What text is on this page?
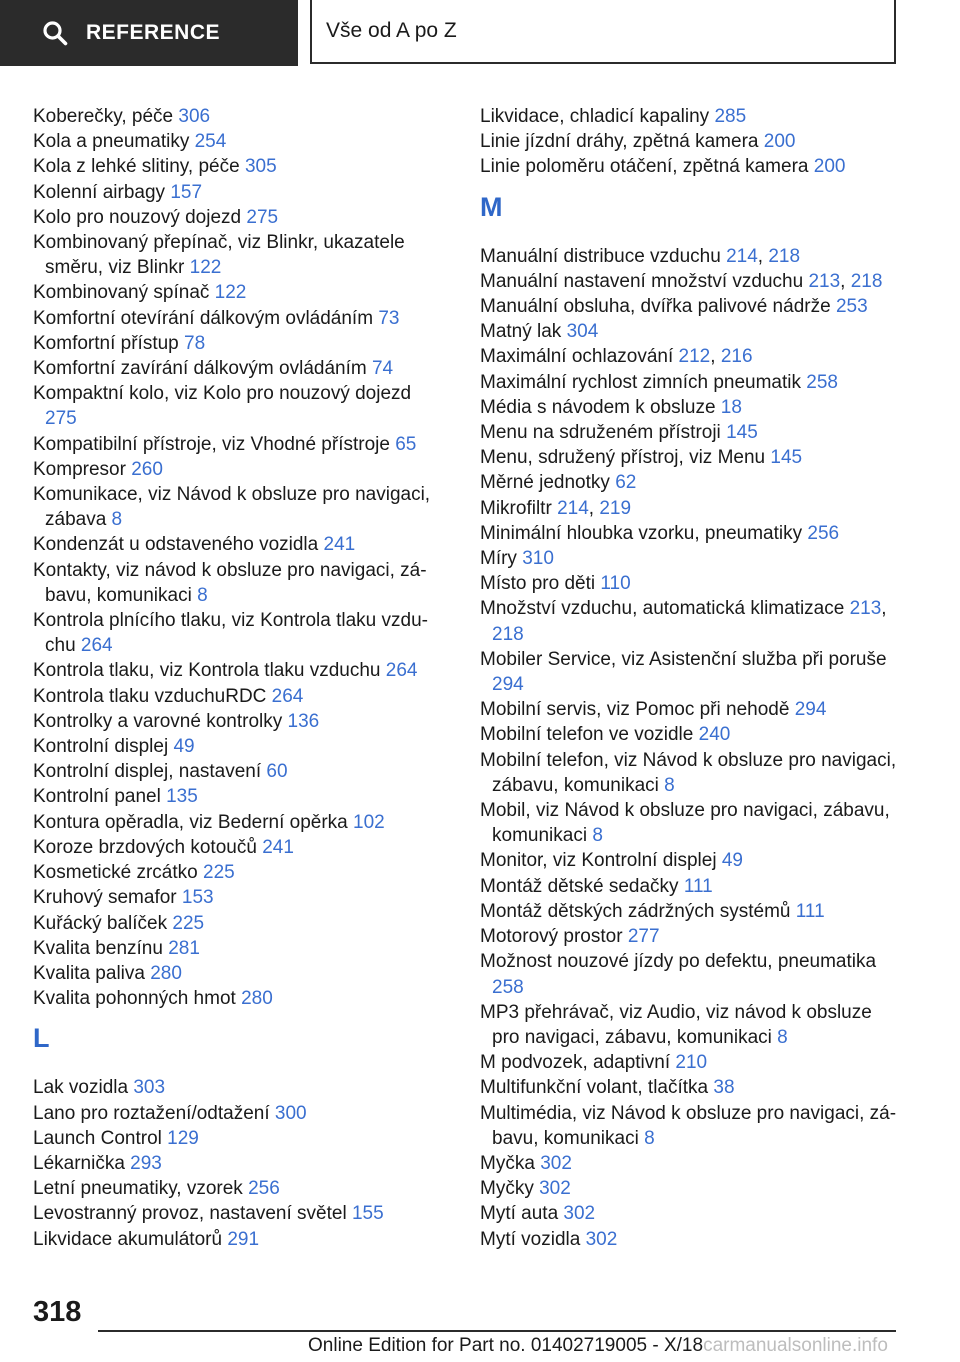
REFERENCE	Vše od A po Z
Koberečky, péče 306
Kola a pneumatiky 254
Kola z lehké slitiny, péče 305
Kolenní airbagy 157
Kolo pro nouzový dojezd 275
Kombinovaný přepínač, viz Blinkr, ukazatele směru, viz Blinkr 122
Kombinovaný spínač 122
Komfortní otevírání dálkovým ovládáním 73
Komfortní přístup 78
Komfortní zavírání dálkovým ovládáním 74
Kompaktní kolo, viz Kolo pro nouzový dojezd 275
Kompatibilní přístroje, viz Vhodné přístroje 65
Kompresor 260
Komunikace, viz Návod k obsluze pro navigaci, zábava 8
Kondenzát u odstaveného vozidla 241
Kontakty, viz návod k obsluze pro navigaci, zábavu, komunikaci 8
Kontrola plnícího tlaku, viz Kontrola tlaku vzduchu 264
Kontrola tlaku, viz Kontrola tlaku vzduchu 264
Kontrola tlaku vzduchuRDC 264
Kontrolky a varovné kontrolky 136
Kontrolní displej 49
Kontrolní displej, nastavení 60
Kontrolní panel 135
Kontura opěradla, viz Bederní opěrka 102
Koroze brzdových kotoučů 241
Kosmetické zrcátko 225
Kruhový semafor 153
Kuřácký balíček 225
Kvalita benzínu 281
Kvalita paliva 280
Kvalita pohonných hmot 280
L
Lak vozidla 303
Lano pro roztažení/odtažení 300
Launch Control 129
Lékarnička 293
Letní pneumatiky, vzorek 256
Levostranný provoz, nastavení světel 155
Likvidace akumulátorů 291
Likvidace, chladicí kapaliny 285
Linie jízdní dráhy, zpětná kamera 200
Linie poloměru otáčení, zpětná kamera 200
M
Manuální distribuce vzduchu 214, 218
Manuální nastavení množství vzduchu 213, 218
Manuální obsluha, dvířka palivové nádrže 253
Matný lak 304
Maximální ochlazování 212, 216
Maximální rychlost zimních pneumatik 258
Média s návodem k obsluze 18
Menu na sdruženém přístroji 145
Menu, sdružený přístroj, viz Menu 145
Měrné jednotky 62
Mikrofiltr 214, 219
Minimální hloubka vzorku, pneumatiky 256
Míry 310
Místo pro děti 110
Množství vzduchu, automatická klimatizace 213, 218
Mobiler Service, viz Asistenční služba při poruše 294
Mobilní servis, viz Pomoc při nehodě 294
Mobilní telefon ve vozidle 240
Mobilní telefon, viz Návod k obsluze pro navigaci, zábavu, komunikaci 8
Mobil, viz Návod k obsluze pro navigaci, zábavu, komunikaci 8
Monitor, viz Kontrolní displej 49
Montáž dětské sedačky 111
Montáž dětských zádržných systémů 111
Motorový prostor 277
Možnost nouzové jízdy po defektu, pneumatika 258
MP3 přehrávač, viz Audio, viz návod k obsluze pro navigaci, zábavu, komunikaci 8
M podvozek, adaptivní 210
Multifunkční volant, tlačítka 38
Multimédia, viz Návod k obsluze pro navigaci, zábavu, komunikaci 8
Myčka 302
Myčky 302
Mytí auta 302
Mytí vozidla 302
318
Online Edition for Part no. 01402719005 - X/18carmanualsonline.info
